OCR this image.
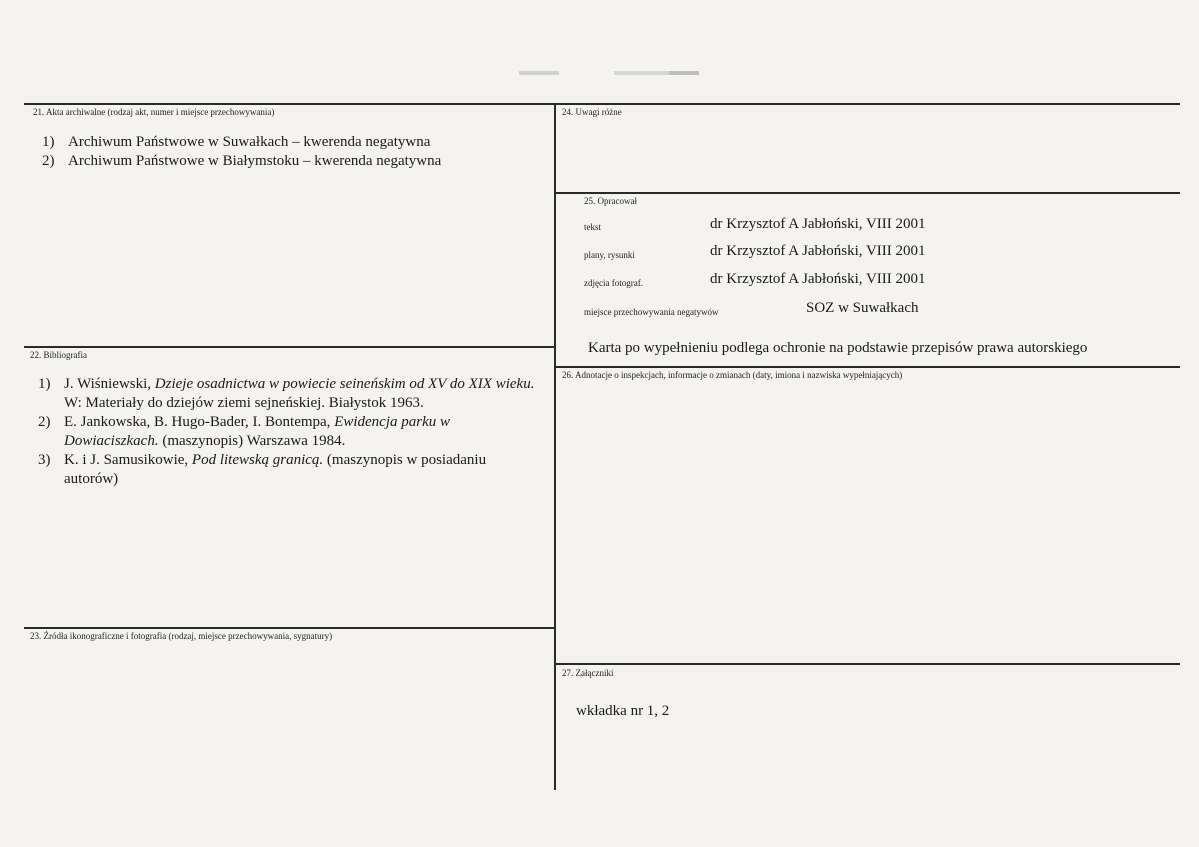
21. Akta archiwalne (rodzaj akt, numer i miejsce przechowywania)
1) Archiwum Państwowe w Suwałkach – kwerenda negatywna
2) Archiwum Państwowe w Białymstoku – kwerenda negatywna
22. Bibliografia
1) J. Wiśniewski, Dzieje osadnictwa w powiecie seineńskim od XV do XIX wieku. W: Materiały do dziejów ziemi sejneńskiej. Białystok 1963.
2) E. Jankowska, B. Hugo-Bader, I. Bontempa, Ewidencja parku w Dowiaciszkach. (maszynopis) Warszawa 1984.
3) K. i J. Samusikowie, Pod litewską granicą. (maszynopis w posiadaniu autorów)
23. Źródła ikonograficzne i fotografia (rodzaj, miejsce przechowywania, sygnatury)
24. Uwagi różne
25. Opracował
tekst	dr Krzysztof A Jabłoński, VIII 2001
plany, rysunki	dr Krzysztof A Jabłoński, VIII 2001
zdjęcia fotograf.	dr Krzysztof A Jabłoński, VIII 2001
miejsce przechowywania negatywów	SOZ w Suwałkach
Karta po wypełnieniu podlega ochronie na podstawie przepisów prawa autorskiego
26. Adnotacje o inspekcjach, informacje o zmianach (daty, imiona i nazwiska wypełniających)
27. Załączniki
wkładka nr 1, 2
